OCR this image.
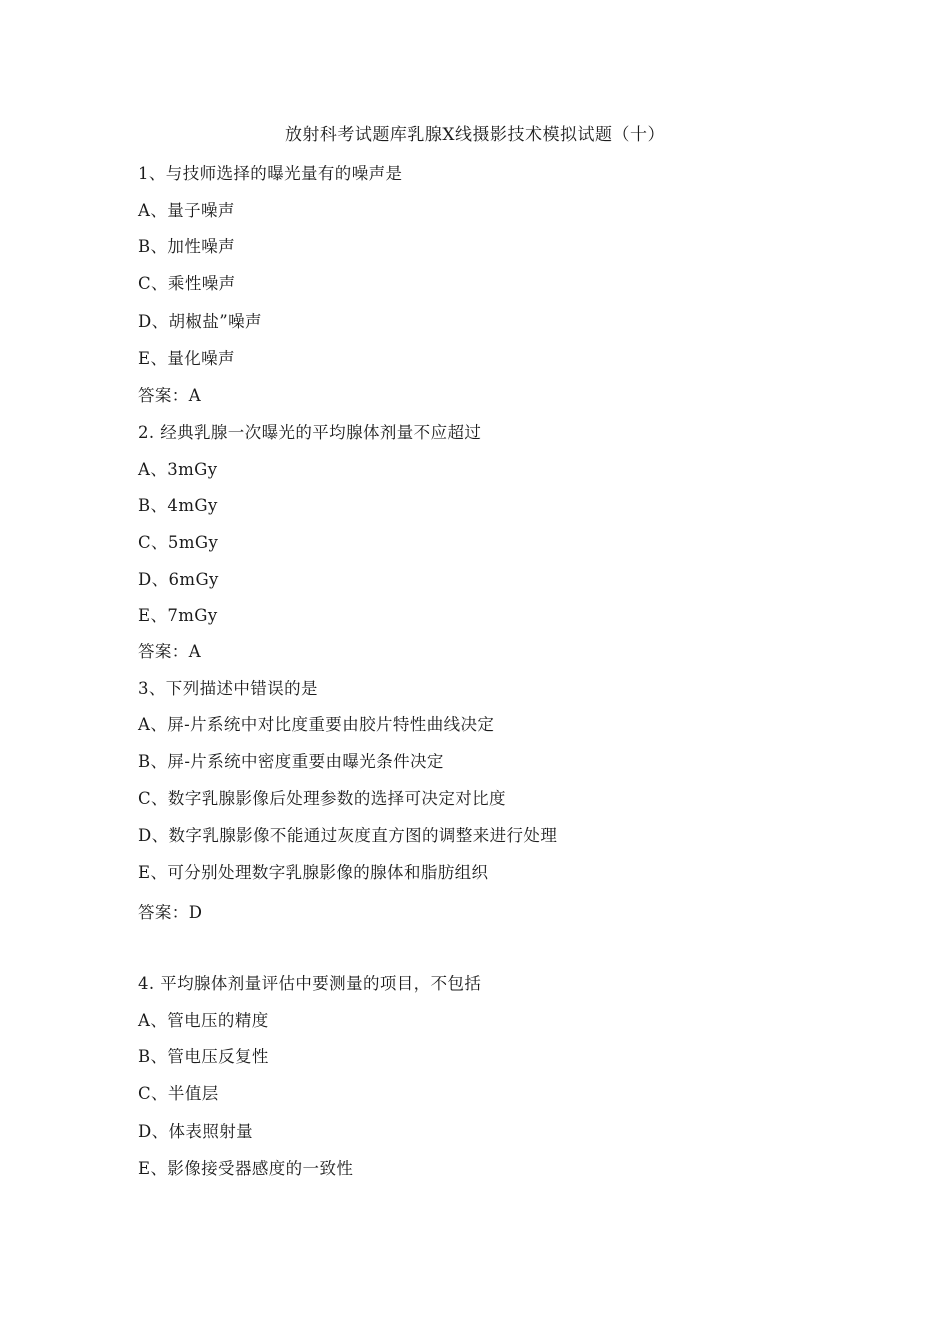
放射科考试题库乳腺X线摄影技术模拟试题（十）
1、与技师选择的曝光量有的噪声是
A、量子噪声
B、加性噪声
C、乘性噪声
D、胡椒盐”噪声
E、量化噪声
答案：A
2. 经典乳腺一次曝光的平均腺体剂量不应超过
A、3mGy
B、4mGy
C、5mGy
D、6mGy
E、7mGy
答案：A
3、下列描述中错误的是
A、屏-片系统中对比度重要由胶片特性曲线决定
B、屏-片系统中密度重要由曝光条件决定
C、数字乳腺影像后处理参数的选择可决定对比度
D、数字乳腺影像不能通过灰度直方图的调整来进行处理
E、可分别处理数字乳腺影像的腺体和脂肪组织
答案：D
4. 平均腺体剂量评估中要测量的项目，不包括
A、管电压的精度
B、管电压反复性
C、半值层
D、体表照射量
E、影像接受器感度的一致性
